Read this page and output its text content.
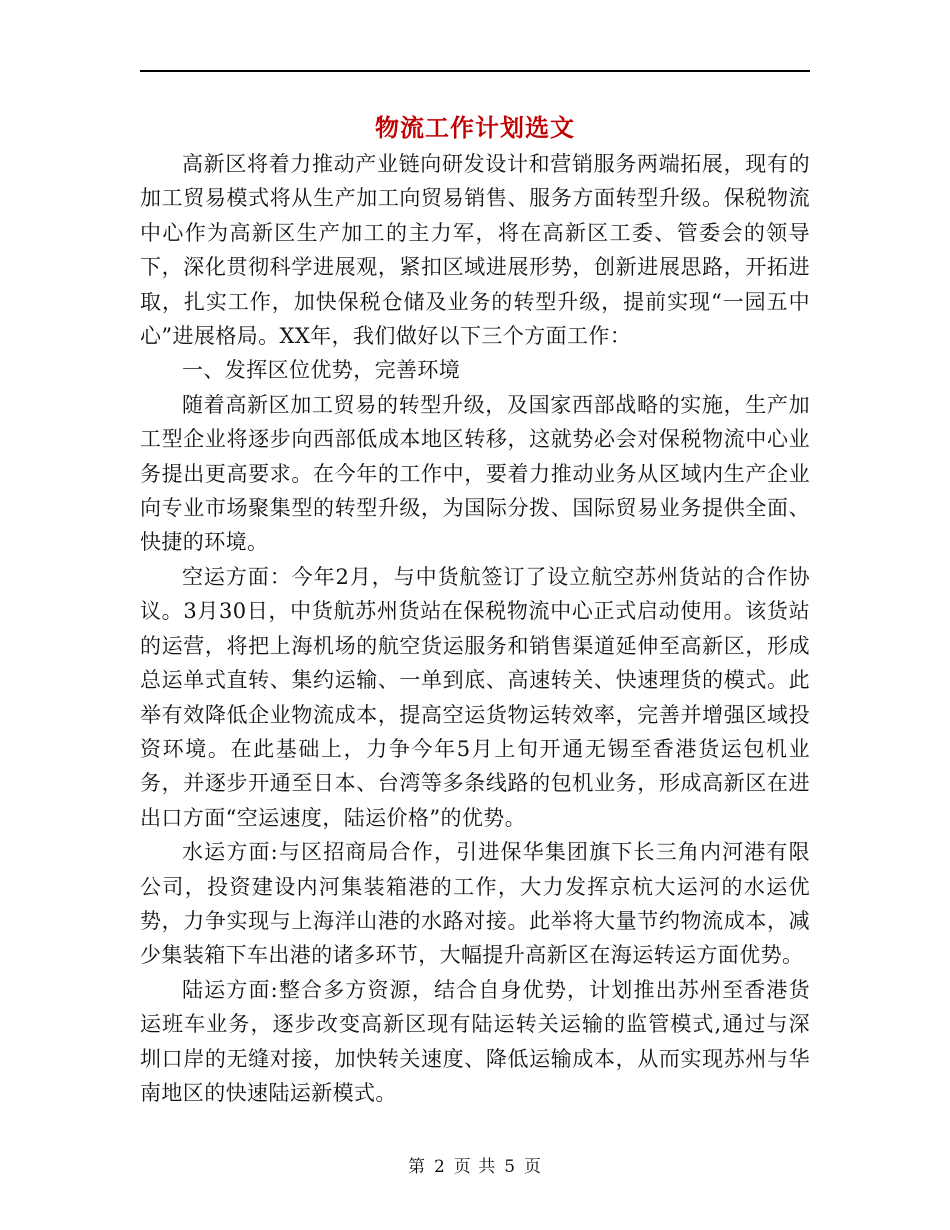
物流工作计划选文

高新区将着力推动产业链向研发设计和营销服务两端拓展，现有的加工贸易模式将从生产加工向贸易销售、服务方面转型升级。保税物流中心作为高新区生产加工的主力军，将在高新区工委、管委会的领导下，深化贯彻科学进展观，紧扣区域进展形势，创新进展思路，开拓进取，扎实工作，加快保税仓储及业务的转型升级，提前实现“一园五中心”进展格局。XX年，我们做好以下三个方面工作：

一、发挥区位优势，完善环境

随着高新区加工贸易的转型升级，及国家西部战略的实施，生产加工型企业将逐步向西部低成本地区转移，这就势必会对保税物流中心业务提出更高要求。在今年的工作中，要着力推动业务从区域内生产企业向专业市场聚集型的转型升级，为国际分拨、国际贸易业务提供全面、快捷的环境。

空运方面：今年2月，与中货航签订了设立航空苏州货站的合作协议。3月30日，中货航苏州货站在保税物流中心正式启动使用。该货站的运营，将把上海机场的航空货运服务和销售渠道延伸至高新区，形成总运单式直转、集约运输、一单到底、高速转关、快速理货的模式。此举有效降低企业物流成本，提高空运货物运转效率，完善并增强区域投资环境。在此基础上，力争今年5月上旬开通无锡至香港货运包机业务，并逐步开通至日本、台湾等多条线路的包机业务，形成高新区在进出口方面“空运速度，陆运价格”的优势。

水运方面:与区招商局合作，引进保华集团旗下长三角内河港有限公司，投资建设内河集装箱港的工作，大力发挥京杭大运河的水运优势，力争实现与上海洋山港的水路对接。此举将大量节约物流成本，减少集装箱下车出港的诸多环节，大幅提升高新区在海运转运方面优势。

陆运方面:整合多方资源，结合自身优势，计划推出苏州至香港货运班车业务，逐步改变高新区现有陆运转关运输的监管模式,通过与深圳口岸的无缝对接，加快转关速度、降低运输成本，从而实现苏州与华南地区的快速陆运新模式。

第 2 页 共 5 页
